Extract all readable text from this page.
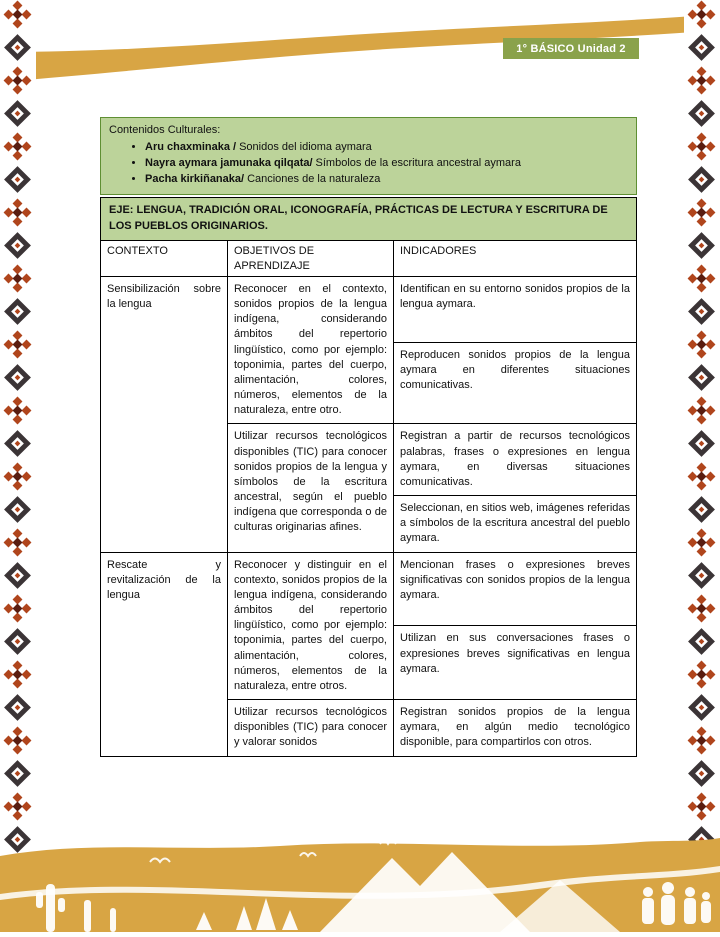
1° BÁSICO Unidad 2
Contenidos Culturales:
• Aru chaxminaka / Sonidos del idioma aymara
• Nayra aymara jamunaka qilqata/ Símbolos de la escritura ancestral aymara
• Pacha kirkiñanaka/ Canciones de la naturaleza
EJE: LENGUA, TRADICIÓN ORAL, ICONOGRAFÍA, PRÁCTICAS DE LECTURA Y ESCRITURA DE LOS PUEBLOS ORIGINARIOS.
CONTEXTO	OBJETIVOS DE APRENDIZAJE
INDICADORES
Sensibilización sobre la lengua
Reconocer en el contexto, sonidos propios de la lengua indígena, considerando ámbitos del repertorio lingüístico, como por ejemplo: toponimia, partes del cuerpo, alimentación, colores, números, elementos de la naturaleza, entre otro.
Identifican en su entorno sonidos propios de la lengua aymara.
Reproducen sonidos propios de la lengua aymara en diferentes situaciones comunicativas.
Utilizar recursos tecnológicos disponibles (TIC) para conocer sonidos propios de la lengua y símbolos de la escritura ancestral, según el pueblo indígena que corresponda o de culturas originarias afines.
Registran a partir de recursos tecnológicos palabras, frases o expresiones en lengua aymara, en diversas situaciones comunicativas.
Seleccionan, en sitios web, imágenes referidas a símbolos de la escritura ancestral del pueblo aymara.
Rescate y revitalización de la lengua
Reconocer y distinguir en el contexto, sonidos propios de la lengua indígena, considerando ámbitos del repertorio lingüístico, como por ejemplo: toponimia, partes del cuerpo, alimentación, colores, números, elementos de la naturaleza, entre otros.
Mencionan frases o expresiones breves significativas con sonidos propios de la lengua aymara.
Utilizan en sus conversaciones frases o expresiones breves significativas en lengua aymara.
Utilizar recursos tecnológicos disponibles (TIC) para conocer y valorar sonidos
Registran sonidos propios de la lengua aymara, en algún medio tecnológico disponible, para compartirlos con otros.
